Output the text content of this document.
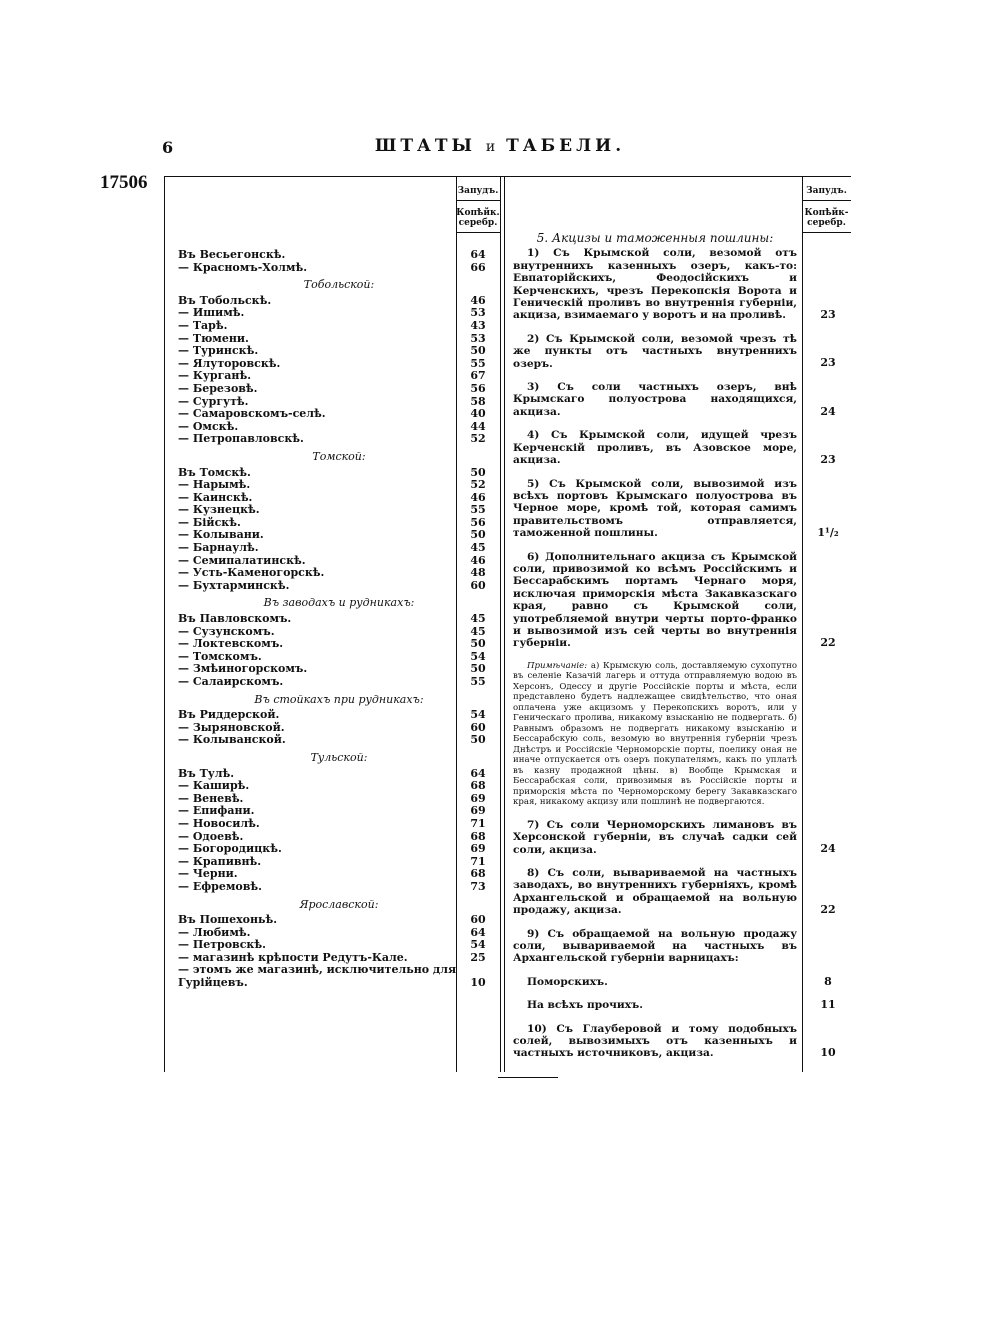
6	ШТАТЫ и ТАБЕЛИ.
17506	Запудъ.
Копѣйк.
серебр.
Запудъ.
Копѣйк-
серебр.
Въ Весьегонскѣ.	64
— Красномъ-Холмѣ.	66
Тобольской:
Въ Тобольскѣ.	46
— Ишимѣ.	53
— Тарѣ.	43
— Тюмени.	53
— Туринскѣ.	50
— Ялуторовскѣ.	55
— Курганѣ.	67
— Березовѣ.	56
— Сургутѣ.	58
— Самаровскомъ-селѣ.	40
— Омскѣ.	44
— Петропавловскѣ.	52
Томской:
Въ Томскѣ.	50
— Нарымѣ.	52
— Каинскѣ.	46
— Кузнецкѣ.	55
— Бійскѣ.	56
— Колывани.	50
— Барнаулѣ.	45
— Семипалатинскѣ.	46
— Усть-Каменогорскѣ.	48
— Бухтарминскѣ.	60
Въ заводахъ и рудникахъ:
Въ Павловскомъ.	45
— Сузунскомъ.	45
— Локтевскомъ.	50
— Томскомъ.	54
— Змѣиногорскомъ.	50
— Салаирскомъ.	55
Въ стойкахъ при рудникахъ:
Въ Риддерской.	54
— Зыряновской.	60
— Колыванской.	50
Тульской:
Въ Тулѣ.	64
— Каширѣ.	68
— Веневѣ.	69
— Епифани.	69
— Новосилѣ.	71
— Одоевѣ.	68
— Богородицкѣ.	69
— Крапивнѣ.	71
— Черни.	68
— Ефремовѣ.	73
Ярославской:
Въ Пошехоньѣ.	60
— Любимѣ.	64
— Петровскѣ.	54
— магазинѣ крѣпости Редутъ-Кале.	25
— этомъ же магазинѣ, исключительно для
Гурійцевъ.	10

5. Акцизы и таможенныя пошлины:

1) Съ Крымской соли, везомой отъ внутреннихъ казенныхъ озеръ, какъ-то: Евпаторійскихъ, Феодосійскихъ и Керченскихъ, чрезъ Перекопскія Ворота и Геническій проливъ во внутреннія губерніи, акциза, взимаемаго у воротъ и на проливѣ.	23

2) Съ Крымской соли, везомой чрезъ тѣ же пункты отъ частныхъ внутреннихъ озеръ.	23

3) Съ соли частныхъ озеръ, внѣ Крымскаго полуострова находящихся, акциза.	24

4) Съ Крымской соли, идущей чрезъ Керченскій проливъ, въ Азовское море, акциза.	23

5) Съ Крымской соли, вывозимой изъ всѣхъ портовъ Крымскаго полуострова въ Черное море, кромѣ той, которая самимъ правительствомъ отправляется, таможенной пошлины.	1¹/₂

6) Дополнительнаго акциза съ Крымской соли, привозимой ко всѣмъ Россійскимъ и Бессарабскимъ портамъ Чернаго моря, исключая приморскія мѣста Закавказскаго края, равно съ Крымской соли, употребляемой внутри черты порто-франко и вывозимой изъ сей черты во внутреннія губерніи.	22

Примѣчаніе: а) Крымскую соль, доставляемую сухопутно въ селеніе Казачій лагерь и оттуда отправляемую водою въ Херсонъ, Одессу и другіе Россійскіе порты и мѣста, если представлено будетъ надлежащее свидѣтельство, что оная оплачена уже акцизомъ у Перекопскихъ воротъ, или у Геническаго пролива, никакому взысканію не подвергать. б) Равнымъ образомъ не подвергать никакому взысканію и Бессарабскую соль, везомую во внутреннія губерніи чрезъ Днѣстръ и Россійскіе Черноморскіе порты, поелику оная не иначе отпускается отъ озеръ покупателямъ, какъ по уплатѣ въ казну продажной цѣны. в) Вообще Крымская и Бессарабская соли, привозимыя въ Россійскіе порты и приморскія мѣста по Черноморскому берегу Закавказскаго края, никакому акцизу или пошлинѣ не подвергаются.

7) Съ соли Черноморскихъ лимановъ въ Херсонской губерніи, въ случаѣ садки сей соли, акциза.	24

8) Съ соли, вывариваемой на частныхъ заводахъ, во внутреннихъ губерніяхъ, кромѣ Архангельской и обращаемой на вольную продажу, акциза.	22

9) Съ обращаемой на вольную продажу соли, вывариваемой на частныхъ въ Архангельской губерніи варницахъ:

Поморскихъ.	8

На всѣхъ прочихъ.	11

10) Съ Глауберовой и тому подобныхъ солей, вывозимыхъ отъ казенныхъ и частныхъ источниковъ, акциза.	10
